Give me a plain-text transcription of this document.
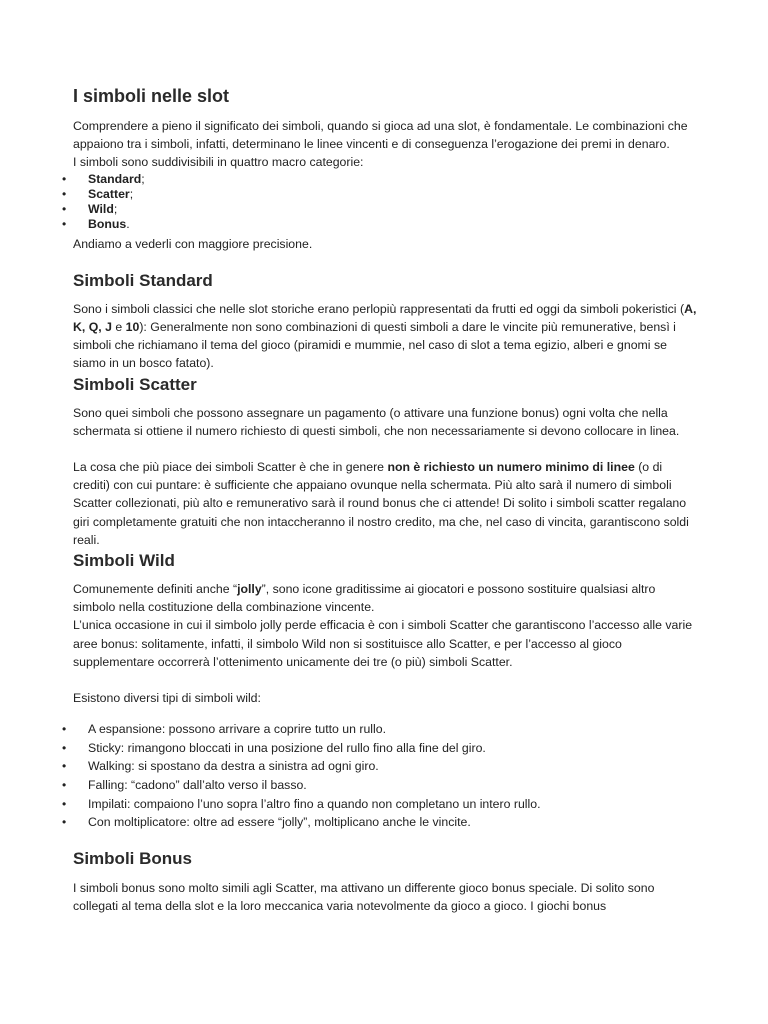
I simboli nelle slot

Comprendere a pieno il significato dei simboli, quando si gioca ad una slot, è fondamentale. Le combinazioni che appaiono tra i simboli, infatti, determinano le linee vincenti e di conseguenza l’erogazione dei premi in denaro.

I simboli sono suddivisibili in quattro macro categorie:

• Standard;
• Scatter;
• Wild;
• Bonus.

Andiamo a vederli con maggiore precisione.

Simboli Standard

Sono i simboli classici che nelle slot storiche erano perlopiù rappresentati da frutti ed oggi da simboli pokeristici (A, K, Q, J e 10): Generalmente non sono combinazioni di questi simboli a dare le vincite più remunerative, bensì i simboli che richiamano il tema del gioco (piramidi e mummie, nel caso di slot a tema egizio, alberi e gnomi se siamo in un bosco fatato).

Simboli Scatter

Sono quei simboli che possono assegnare un pagamento (o attivare una funzione bonus) ogni volta che nella schermata si ottiene il numero richiesto di questi simboli, che non necessariamente si devono collocare in linea.

La cosa che più piace dei simboli Scatter è che in genere non è richiesto un numero minimo di linee (o di crediti) con cui puntare: è sufficiente che appaiano ovunque nella schermata. Più alto sarà il numero di simboli Scatter collezionati, più alto e remunerativo sarà il round bonus che ci attende! Di solito i simboli scatter regalano giri completamente gratuiti che non intaccheranno il nostro credito, ma che, nel caso di vincita, garantiscono soldi reali.

Simboli Wild

Comunemente definiti anche “jolly”, sono icone graditissime ai giocatori e possono sostituire qualsiasi altro simbolo nella costituzione della combinazione vincente.

L’unica occasione in cui il simbolo jolly perde efficacia è con i simboli Scatter che garantiscono l’accesso alle varie aree bonus: solitamente, infatti, il simbolo Wild non si sostituisce allo Scatter, e per l’accesso al gioco supplementare occorrerà l’ottenimento unicamente dei tre (o più) simboli Scatter.

Esistono diversi tipi di simboli wild:

• A espansione: possono arrivare a coprire tutto un rullo.
• Sticky: rimangono bloccati in una posizione del rullo fino alla fine del giro.
• Walking: si spostano da destra a sinistra ad ogni giro.
• Falling: “cadono” dall’alto verso il basso.
• Impilati: compaiono l’uno sopra l’altro fino a quando non completano un intero rullo.
• Con moltiplicatore: oltre ad essere “jolly”, moltiplicano anche le vincite.
Simboli Bonus

I simboli bonus sono molto simili agli Scatter, ma attivano un differente gioco bonus speciale. Di solito sono collegati al tema della slot e la loro meccanica varia notevolmente da gioco a gioco. I giochi bonus
